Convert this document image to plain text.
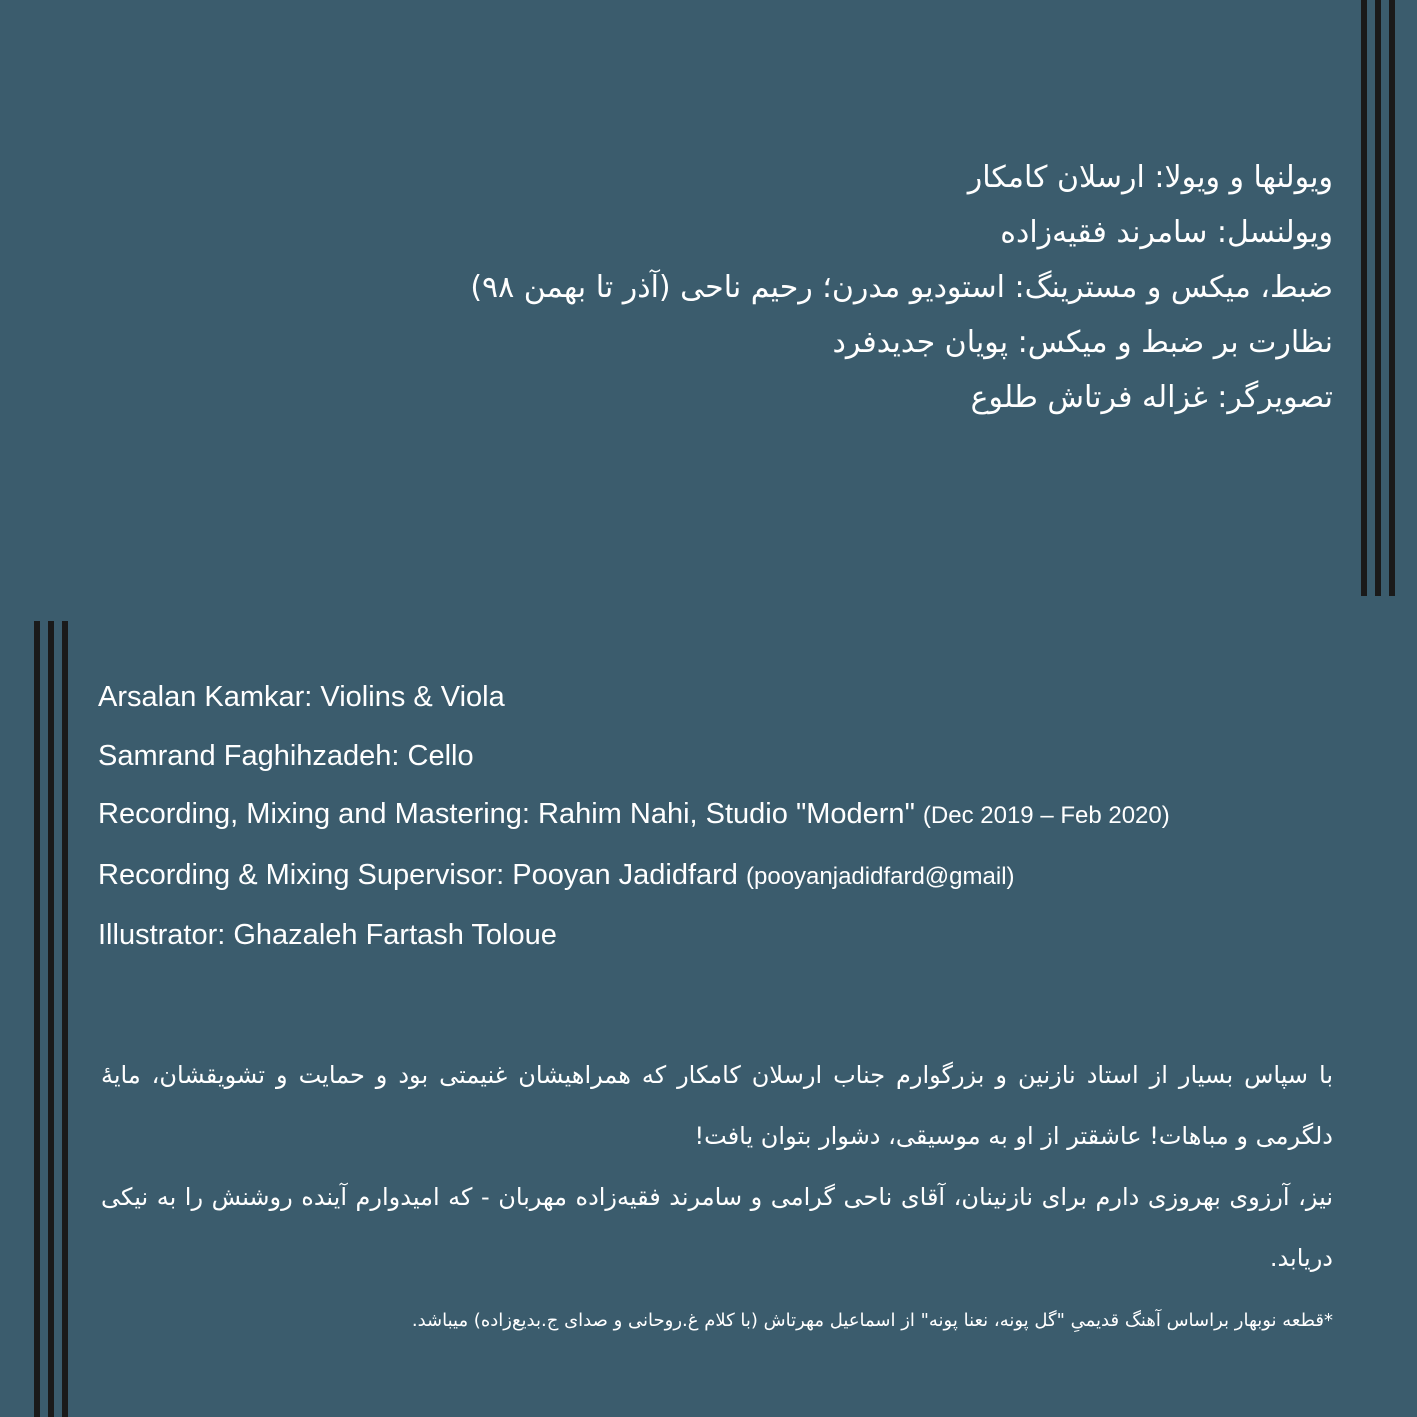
ویولنها و ویولا: ارسلان کامکار
ویولنسل: سامرند فقیه‌زاده
ضبط، میکس و مسترینگ: استودیو مدرن؛ رحیم ناحی (آذر تا بهمن ۹۸)
نظارت بر ضبط و میکس: پویان جدیدفرد
تصویرگر: غزاله فرتاش طلوع
Arsalan Kamkar: Violins & Viola
Samrand Faghihzadeh: Cello
Recording, Mixing and Mastering: Rahim Nahi, Studio "Modern" (Dec 2019 – Feb 2020)
Recording & Mixing Supervisor: Pooyan Jadidfard (pooyanjadidfard@gmail)
Illustrator: Ghazaleh Fartash Toloue

با سپاس بسیار از استاد نازنین و بزرگوارم جناب ارسلان کامکار که همراهیشان غنیمتی بود و حمایت و تشویقشان، مایهٔ دلگرمی و مباهات! عاشقتر از او به موسیقی، دشوار بتوان یافت!

نیز، آرزوی بهروزی دارم برای نازنینان، آقای ناحی گرامی و سامرند فقیه‌زاده مهربان - که امیدوارم آینده روشنش را به نیکی دریابد.

*قطعه نوبهار براساس آهنگ قدیمیِ "گل پونه، نعنا پونه" از اسماعیل مهرتاش (با کلام غ.روحانی و صدای ج.بدیع‌زاده) میباشد.
